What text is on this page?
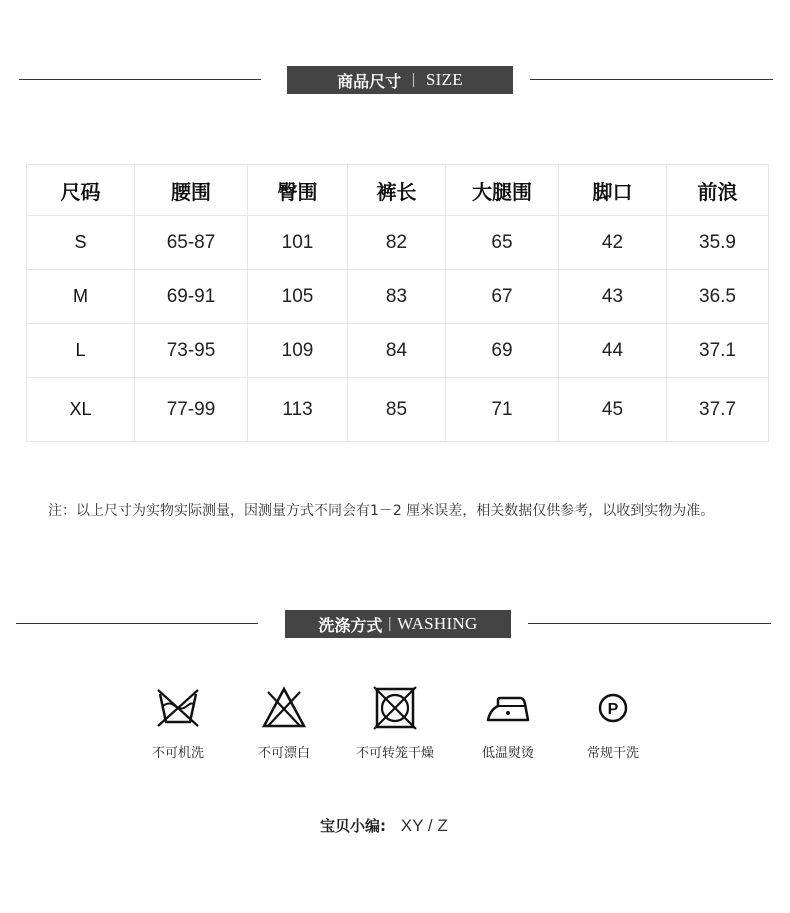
商品尺寸 | SIZE
尺码	腰围	臀围	裤长	大腿围	脚口	前浪
S	65-87	101	82	65	42	35.9
M	69-91	105	83	67	43	36.5
L	73-95	109	84	69	44	37.1
XL	77-99	113	85	71	45	37.7
注：以上尺寸为实物实际测量，因测量方式不同会有1－2 厘米误差，相关数据仅供参考，以收到实物为准。
洗涤方式 | WASHING
不可机洗	不可漂白	不可转笼干燥	低温熨烫
P
常规干洗
宝贝小编: XY / Z
